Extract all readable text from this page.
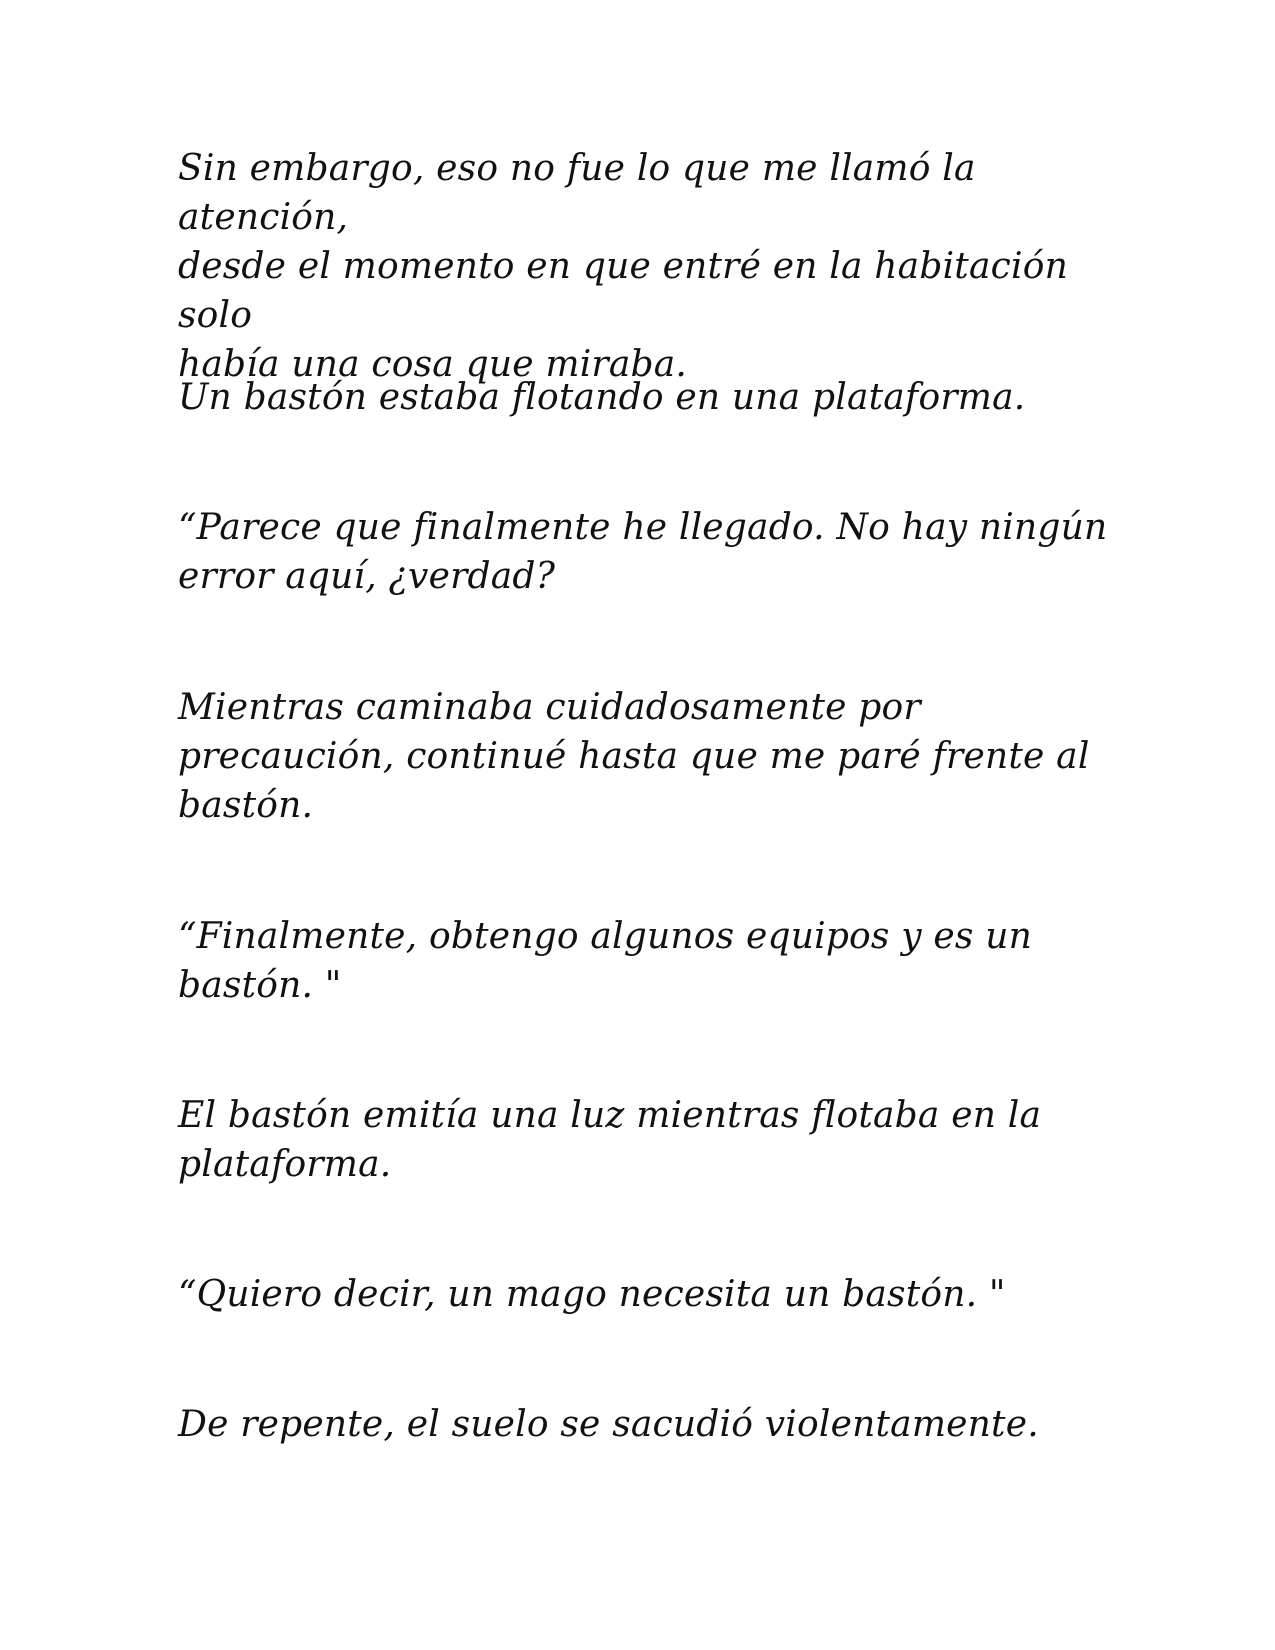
Sin embargo, eso no fue lo que me llamó la atención,
desde el momento en que entré en la habitación solo
había una cosa que miraba.

Un bastón estaba flotando en una plataforma.

“Parece que finalmente he llegado. No hay ningún
error aquí, ¿verdad?

Mientras caminaba cuidadosamente por
precaución, continué hasta que me paré frente al
bastón.

“Finalmente, obtengo algunos equipos y es un
bastón. "

El bastón emitía una luz mientras flotaba en la
plataforma.

“Quiero decir, un mago necesita un bastón. "

De repente, el suelo se sacudió violentamente.
